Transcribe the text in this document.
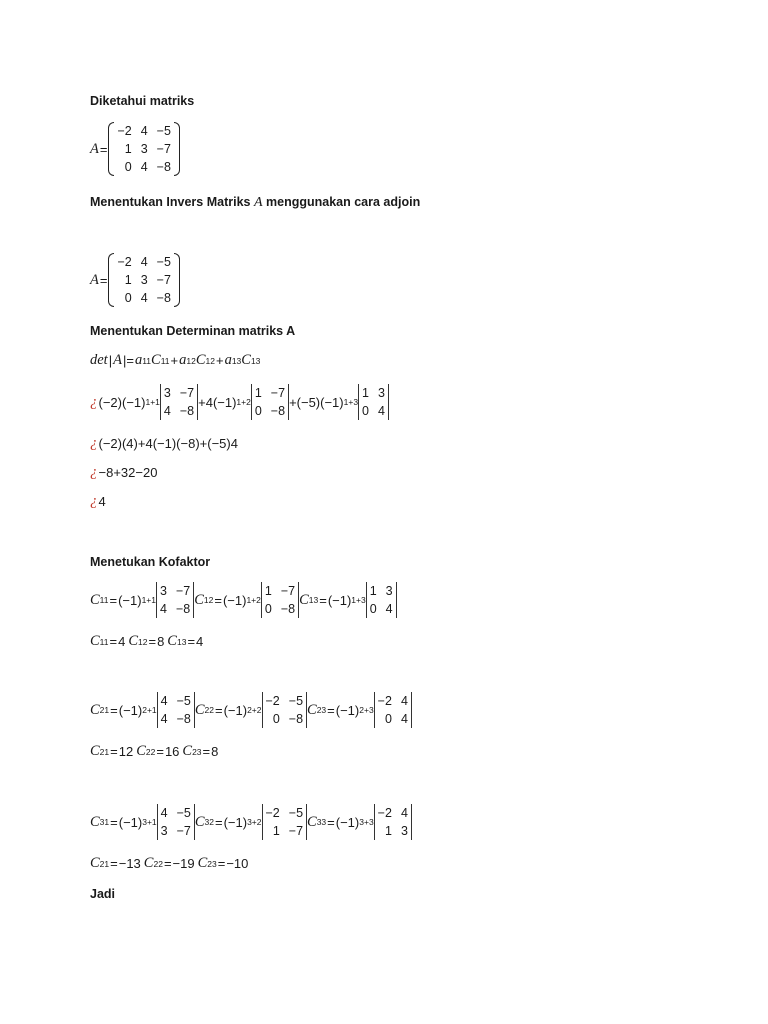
Diketahui matriks
A =
−2 4 −5
1 3 −7
0 4 −8
Menentukan Invers Matriks A menggunakan cara adjoin
A =
−2 4 −5
1 3 −7
0 4 −8
Menentukan Determinan matriks A
det | A |= a 11 C 11 + a 12 C 12 + a 13 C 13
¿ (−2) (−1) 1+1
3 −7
4 −8
+4 (−1) 1+2
1 −7
0 −8
+(−5) (−1) 1+3
1 3
0 4
¿ (−2)(4)+4(−1)(−8)+(−5)4
¿ −8+32−20
¿ 4
Menetukan Kofaktor
C 11 = (−1) 1+1
3 −7
4 −8
C 12 = (−1) 1+2
1 −7
0 −8
C 13 = (−1) 1+3
1 3
0 4
C 11 = 4 C 12 = 8 C 13 = 4
C 21 = (−1) 2+1
4 −5
4 −8
C 22 = (−1) 2+2
−2 −5
0 −8
C 23 = (−1) 2+3
−2 4
0 4
C 21 = 12 C 22 = 16 C 23 = 8
C 31 = (−1) 3+1
4 −5
3 −7
C 32 = (−1) 3+2
−2 −5
1 −7
C 33 = (−1) 3+3
−2 4
1 3
C 21 = −13 C 22 = −19 C 23 = −10
Jadi
